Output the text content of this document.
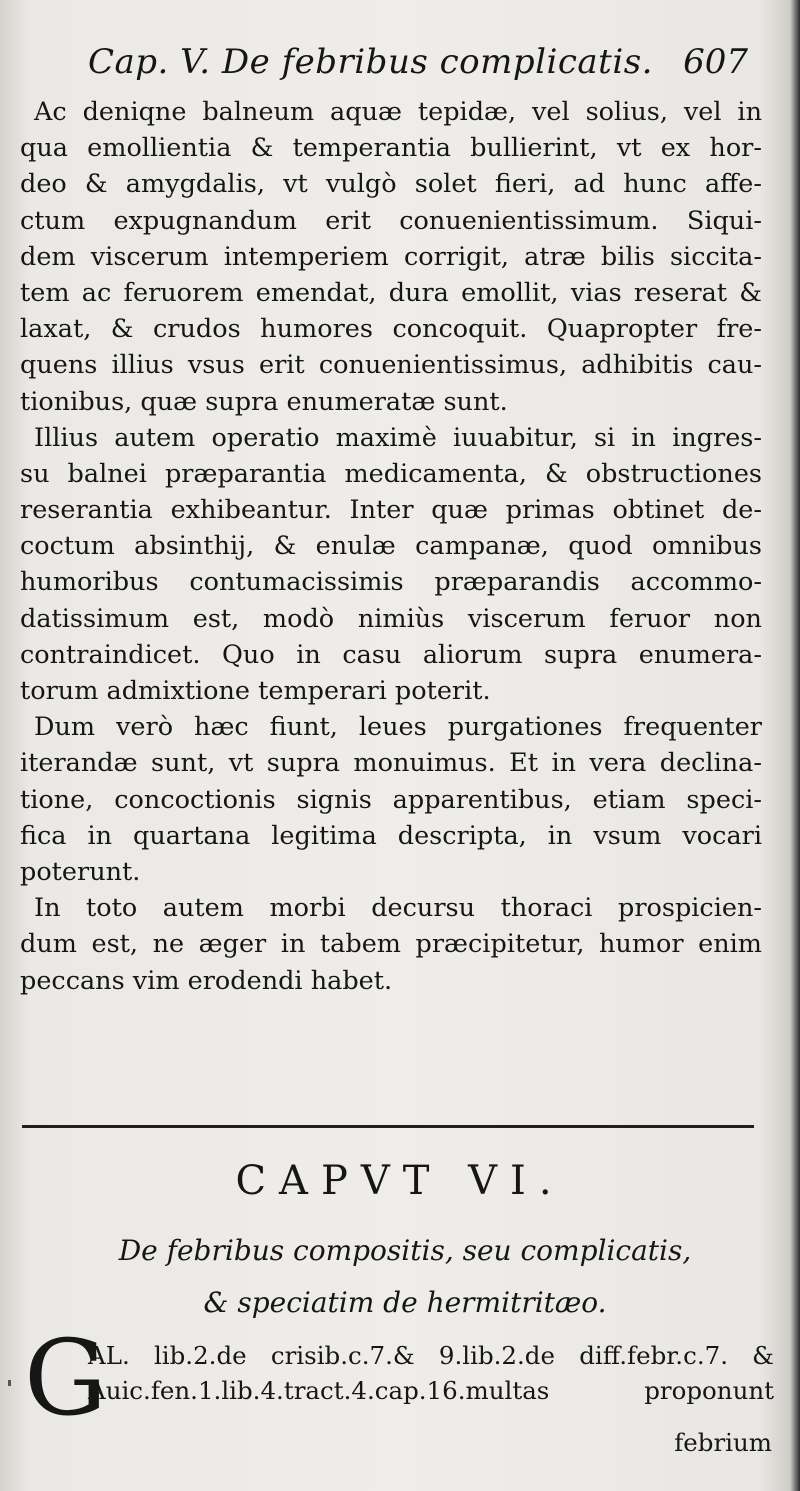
Cap. V. De febribus complicatis. 607
Ac deniqne balneum aquæ tepidæ, vel solius, vel in
qua emollientia & temperantia bullierint, vt ex hor-
deo & amygdalis, vt vulgò solet fieri, ad hunc affe-
ctum expugnandum erit conuenientissimum. Siqui-
dem viscerum intemperiem corrigit, atræ bilis siccita-
tem ac feruorem emendat, dura emollit, vias reserat &
laxat, & crudos humores concoquit. Quapropter fre-
quens illius vsus erit conuenientissimus, adhibitis cau-
tionibus, quæ supra enumeratæ sunt.
Illius autem operatio maximè iuuabitur, si in ingres-
su balnei præparantia medicamenta, & obstructiones
reserantia exhibeantur. Inter quæ primas obtinet de-
coctum absinthij, & enulæ campanæ, quod omnibus
humoribus contumacissimis præparandis accommo-
datissimum est, modò nimiùs viscerum feruor non
contraindicet. Quo in casu aliorum supra enumera-
torum admixtione temperari poterit.
Dum verò hæc fiunt, leues purgationes frequenter
iterandæ sunt, vt supra monuimus. Et in vera declina-
tione, concoctionis signis apparentibus, etiam speci-
fica in quartana legitima descripta, in vsum vocari
poterunt.
In toto autem morbi decursu thoraci prospicien-
dum est, ne æger in tabem præcipitetur, humor enim
peccans vim erodendi habet.
CAPVT VI.
De febribus compositis, seu complicatis,
& speciatim de hermitritæo.
G
AL. lib.2.de crisib.c.7.& 9.lib.2.de diff.febr.c.7. &
Auic.fen.1.lib.4.tract.4.cap.16.multas proponunt
febrium
